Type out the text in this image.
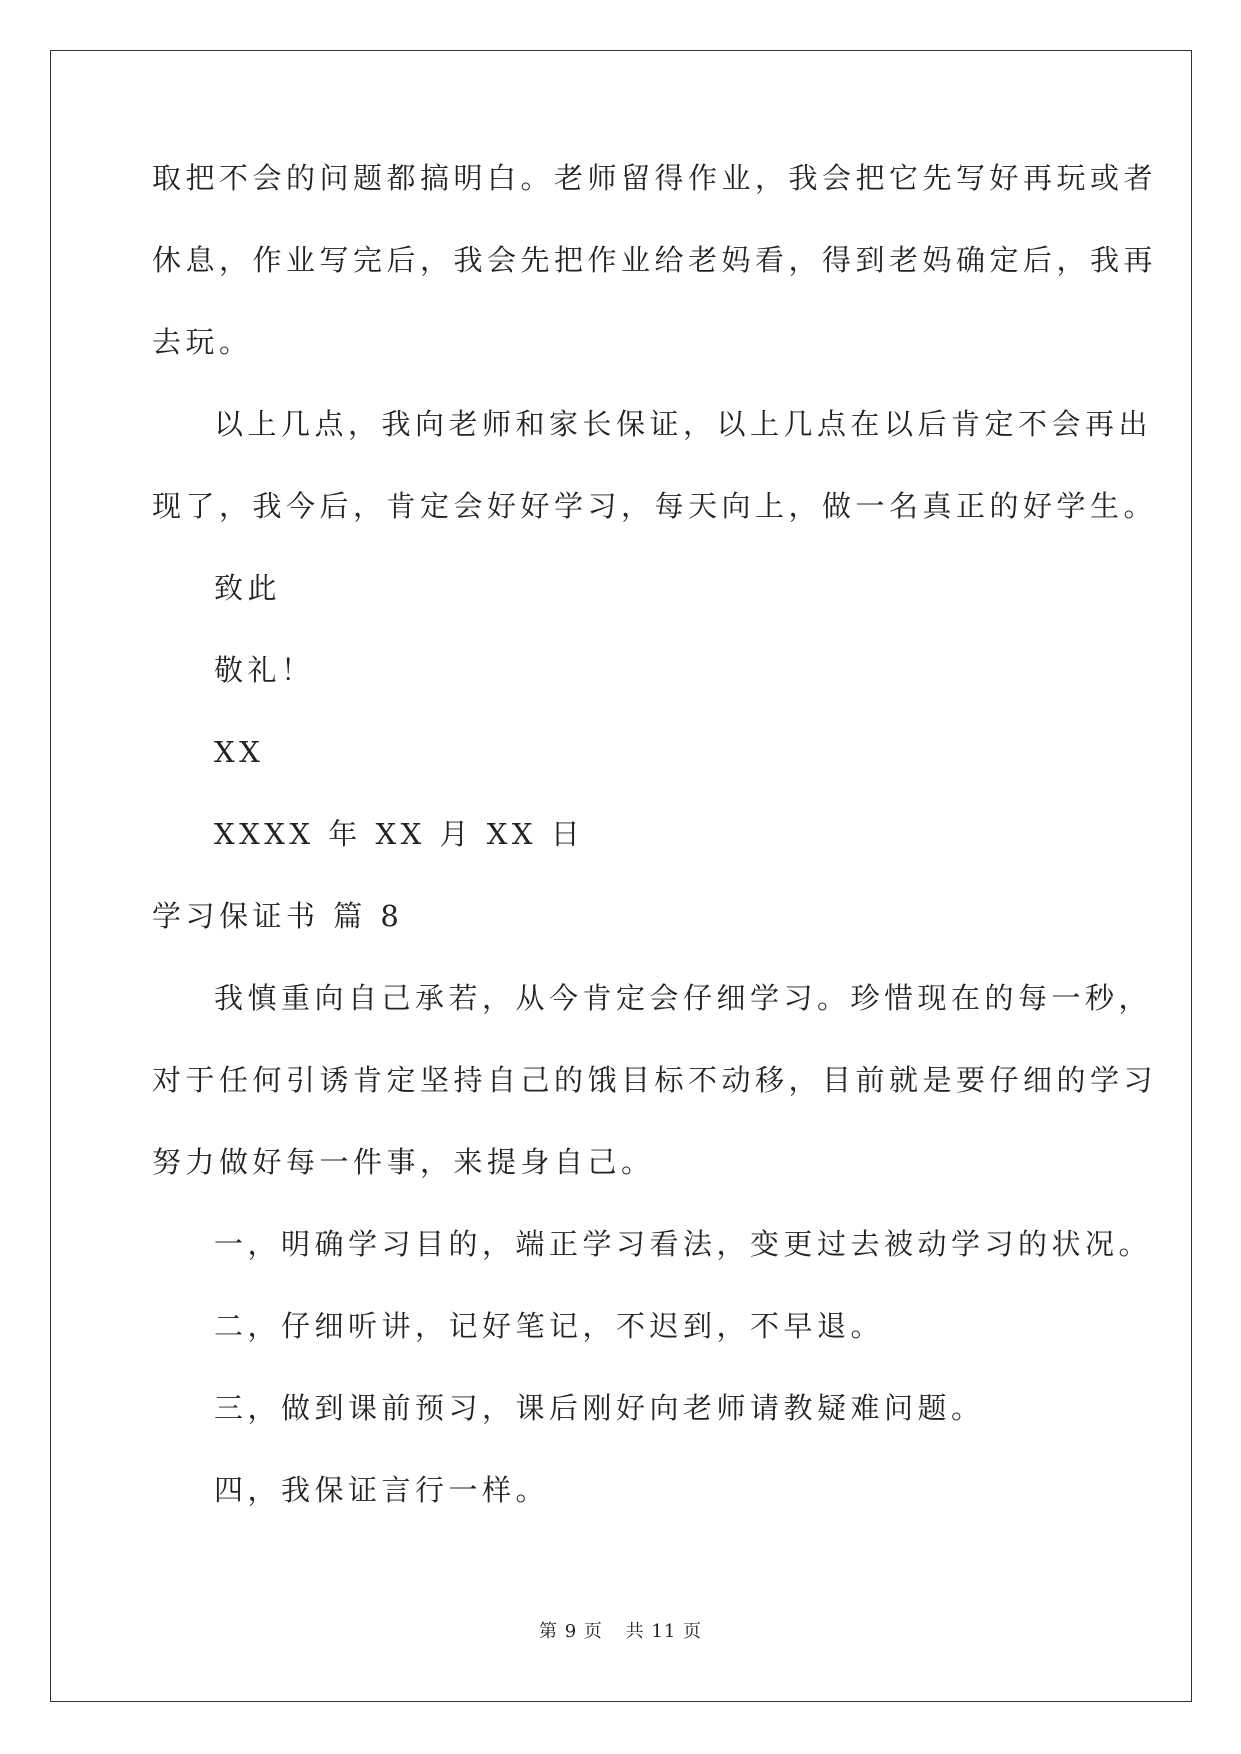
取把不会的问题都搞明白。老师留得作业，我会把它先写好再玩或者
休息，作业写完后，我会先把作业给老妈看，得到老妈确定后，我再
去玩。
以上几点，我向老师和家长保证，以上几点在以后肯定不会再出
现了，我今后，肯定会好好学习，每天向上，做一名真正的好学生。
致此
敬礼！
XX
XXXX 年 XX 月 XX 日
学习保证书 篇 8
我慎重向自己承若，从今肯定会仔细学习。珍惜现在的每一秒，
对于任何引诱肯定坚持自己的饿目标不动移，目前就是要仔细的学习
努力做好每一件事，来提身自己。
一，明确学习目的，端正学习看法，变更过去被动学习的状况。
二，仔细听讲，记好笔记，不迟到，不早退。
三，做到课前预习，课后刚好向老师请教疑难问题。
四，我保证言行一样。
第 9 页 共 11 页
